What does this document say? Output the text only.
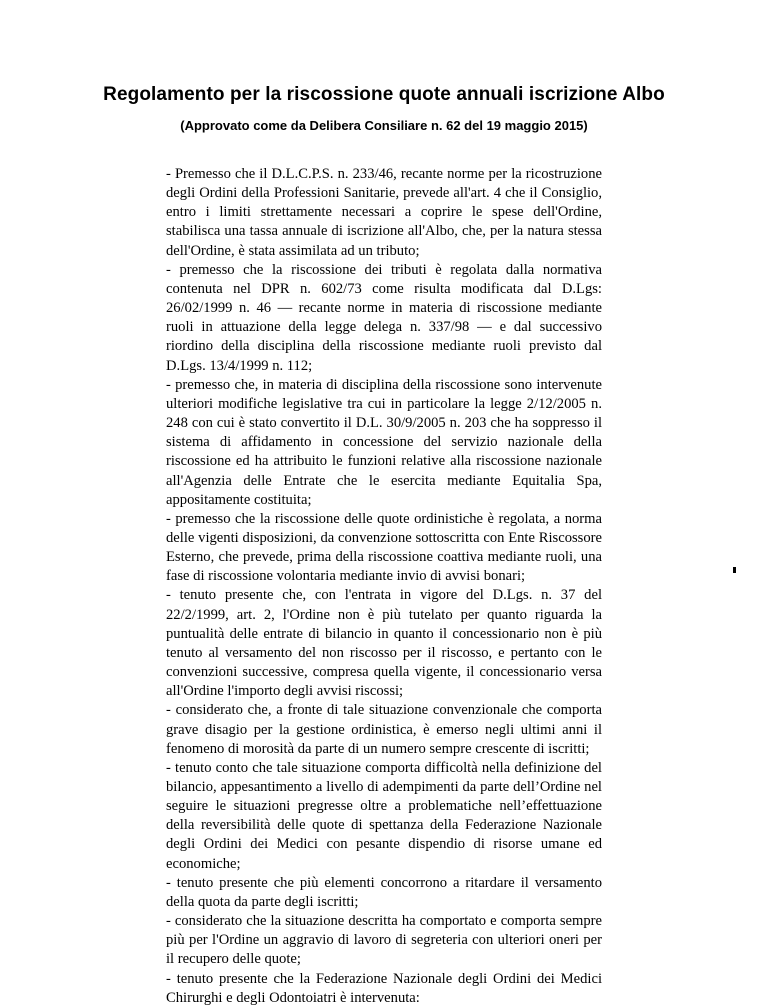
Regolamento per la riscossione quote annuali iscrizione Albo
(Approvato come da Delibera Consiliare n. 62 del 19 maggio 2015)

- Premesso che il D.L.C.P.S. n. 233/46, recante norme per la ricostruzione degli Ordini della Professioni Sanitarie, prevede all'art. 4 che il Consiglio, entro i limiti strettamente necessari a coprire le spese dell'Ordine, stabilisca una tassa annuale di iscrizione all'Albo, che, per la natura stessa dell'Ordine, è stata assimilata ad un tributo;

- premesso che la riscossione dei tributi è regolata dalla normativa contenuta nel DPR n. 602/73 come risulta modificata dal D.Lgs: 26/02/1999 n. 46 — recante norme in materia di riscossione mediante ruoli in attuazione della legge delega n. 337/98 — e dal successivo riordino della disciplina della riscossione mediante ruoli previsto dal D.Lgs. 13/4/1999 n. 112;

- premesso che, in materia di disciplina della riscossione sono intervenute ulteriori modifiche legislative tra cui in particolare la legge 2/12/2005 n. 248 con cui è stato convertito il D.L. 30/9/2005 n. 203 che ha soppresso il sistema di affidamento in concessione del servizio nazionale della riscossione ed ha attribuito le funzioni relative alla riscossione nazionale all'Agenzia delle Entrate che le esercita mediante Equitalia Spa, appositamente costituita;

- premesso che la riscossione delle quote ordinistiche è regolata, a norma delle vigenti disposizioni, da convenzione sottoscritta con Ente Riscossore Esterno, che prevede, prima della riscossione coattiva mediante ruoli, una fase di riscossione volontaria mediante invio di avvisi bonari;

- tenuto presente che, con l'entrata in vigore del D.Lgs. n. 37 del 22/2/1999, art. 2, l'Ordine non è più tutelato per quanto riguarda la puntualità delle entrate di bilancio in quanto il concessionario non è più tenuto al versamento del non riscosso per il riscosso, e pertanto con le convenzioni successive, compresa quella vigente, il concessionario versa all'Ordine l'importo degli avvisi riscossi;

- considerato che, a fronte di tale situazione convenzionale che comporta grave disagio per la gestione ordinistica, è emerso negli ultimi anni il fenomeno di morosità da parte di un numero sempre crescente di iscritti;

- tenuto conto che tale situazione comporta difficoltà nella definizione del bilancio, appesantimento a livello di adempimenti da parte dell’Ordine nel seguire le situazioni pregresse oltre a problematiche nell’effettuazione della reversibilità delle quote di spettanza della Federazione Nazionale degli Ordini dei Medici con pesante dispendio di risorse umane ed economiche;

- tenuto presente che più elementi concorrono a ritardare il versamento della quota da parte degli iscritti;

- considerato che la situazione descritta ha comportato e comporta sempre più per l'Ordine un aggravio di lavoro di segreteria con ulteriori oneri per il recupero delle quote;

- tenuto presente che la Federazione Nazionale degli Ordini dei Medici Chirurghi e degli Odontoiatri è intervenuta:
